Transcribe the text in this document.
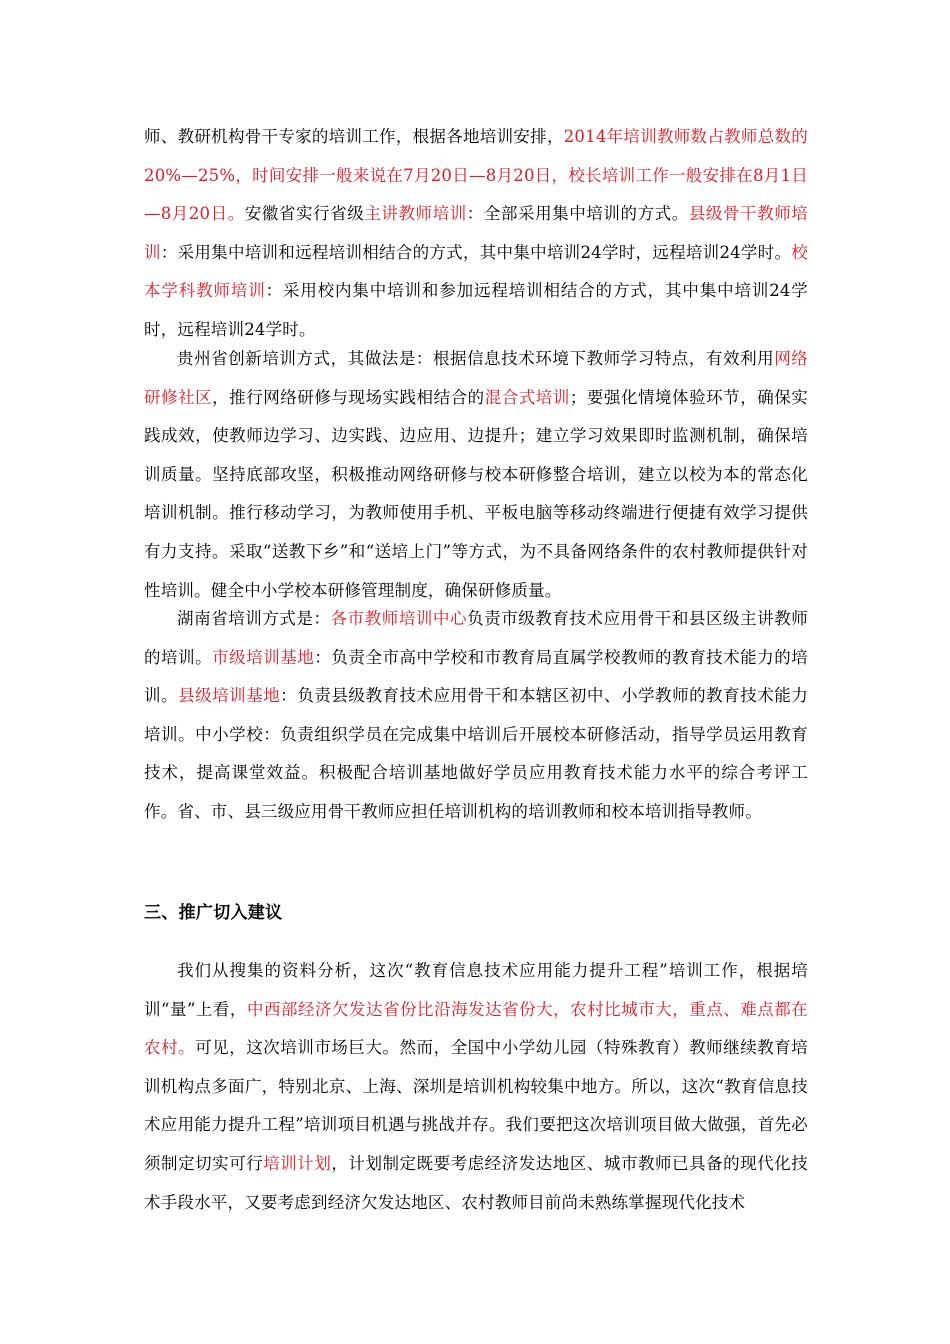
师、教研机构骨干专家的培训工作，根据各地培训安排，2014年培训教师数占教师总数的20%—25%，时间安排一般来说在7月20日—8月20日，校长培训工作一般安排在8月1日—8月20日。安徽省实行省级主讲教师培训：全部采用集中培训的方式。县级骨干教师培训：采用集中培训和远程培训相结合的方式，其中集中培训24学时，远程培训24学时。校本学科教师培训：采用校内集中培训和参加远程培训相结合的方式，其中集中培训24学时，远程培训24学时。

贵州省创新培训方式，其做法是：根据信息技术环境下教师学习特点，有效利用网络研修社区，推行网络研修与现场实践相结合的混合式培训；要强化情境体验环节，确保实践成效，使教师边学习、边实践、边应用、边提升；建立学习效果即时监测机制，确保培训质量。坚持底部攻坚，积极推动网络研修与校本研修整合培训，建立以校为本的常态化培训机制。推行移动学习，为教师使用手机、平板电脑等移动终端进行便捷有效学习提供有力支持。采取“送教下乡”和“送培上门”等方式，为不具备网络条件的农村教师提供针对性培训。健全中小学校本研修管理制度，确保研修质量。

湖南省培训方式是：各市教师培训中心负责市级教育技术应用骨干和县区级主讲教师的培训。市级培训基地：负责全市高中学校和市教育局直属学校教师的教育技术能力的培训。县级培训基地：负责县级教育技术应用骨干和本辖区初中、小学教师的教育技术能力培训。中小学校：负责组织学员在完成集中培训后开展校本研修活动，指导学员运用教育技术，提高课堂效益。积极配合培训基地做好学员应用教育技术能力水平的综合考评工作。省、市、县三级应用骨干教师应担任培训机构的培训教师和校本培训指导教师。

三、推广切入建议

我们从搜集的资料分析，这次“教育信息技术应用能力提升工程”培训工作，根据培训“量”上看，中西部经济欠发达省份比沿海发达省份大，农村比城市大，重点、难点都在农村。可见，这次培训市场巨大。然而，全国中小学幼儿园（特殊教育）教师继续教育培训机构点多面广，特别北京、上海、深圳是培训机构较集中地方。所以，这次“教育信息技术应用能力提升工程”培训项目机遇与挑战并存。我们要把这次培训项目做大做强，首先必须制定切实可行培训计划，计划制定既要考虑经济发达地区、城市教师已具备的现代化技术手段水平，又要考虑到经济欠发达地区、农村教师目前尚未熟练掌握现代化技术
